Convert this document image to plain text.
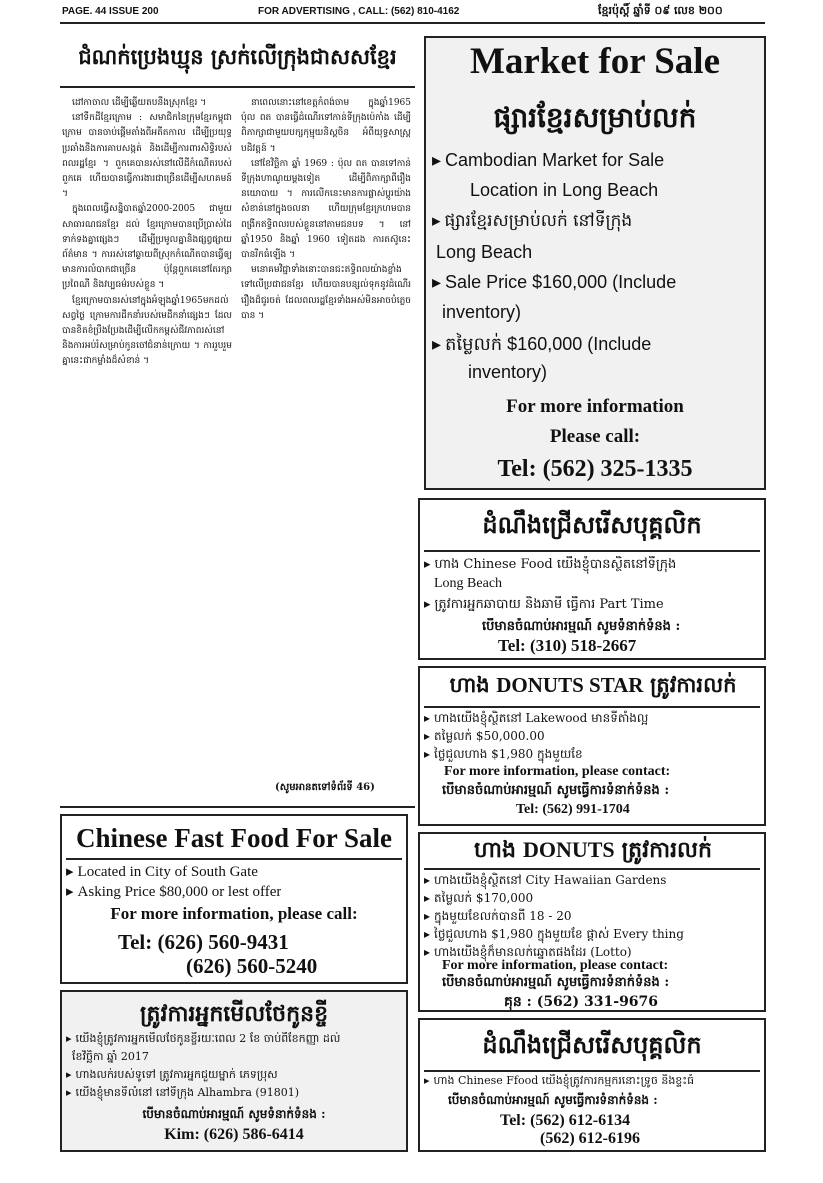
PAGE. 44 ISSUE 200	FOR ADVERTISING , CALL: (562) 810-4162	ខ្មែរប៉ុស្ដិ៍ ឆ្នាំទី ០៩ លេខ ២០០
ជំណក់ប្រេងឃ្មុន ស្រក់លើក្រុងជាសសខ្មែរ

ដៅកាចាល ដើម្បីឆ្លើយតបនឹងស្រុកខ្មែរ ។

នៅទឹកដីខ្មែរក្រោម : សមាជិកនៃក្រុមខ្មែរកម្ពុជាក្រោម បានចាប់ផ្ដើមតាំងពីអតីតកាល ដើម្បីប្រយុទ្ធប្រឆាំងនឹងការគាបសង្កត់ និងដើម្បីការពារសិទ្ធិរបស់ពលរដ្ឋខ្មែរ ។ ពួកគេបានរស់នៅលើដីកំណើតរបស់ពួកគេ ហើយបានធ្វើការងារជាច្រើនដើម្បីសហគមន៍ ។

ក្នុងពេលធ្វើសន្និបាតឆ្នាំ2000-2005 ជាមួយសាធារណជនខ្មែរ ដល់ ខ្មែរក្រោមបានប្រើប្រាស់ដៃទាក់ទងគ្នាផ្សេងៗ ដើម្បីប្រមូលគ្នានិងផ្សព្វផ្សាយព័ត៌មាន ។ ការរស់នៅឆ្ងាយពីស្រុកកំណើតបានធ្វើឲ្យមានការលំបាកជាច្រើន ប៉ុន្តែពួកគេនៅតែរក្សាប្រពៃណី និងវប្បធម៌របស់ខ្លួន ។

ខ្មែរក្រោមបានរស់នៅក្នុងអំឡុងឆ្នាំ1965មកដល់សព្វថ្ងៃ ក្រោមការដឹកនាំរបស់មេដឹកនាំផ្សេងៗ ដែលបានខិតខំប្រឹងប្រែងដើម្បីលើកកម្ពស់ជីវភាពរស់នៅ និងការអប់រំសម្រាប់កូនចៅជំនាន់ក្រោយ ។ ការរួបរួមគ្នានេះជាកម្លាំងដ៏សំខាន់ ។

នាពេលនោះនៅខេត្តកំពង់ចាម ក្នុងឆ្នាំ1965 ប៉ុល ពត បានធ្វើដំណើរទៅកាន់ទីក្រុងប៉េកាំង ដើម្បីពិភាក្សាជាមួយបក្សកុម្មុយនិស្តចិន អំពីយុទ្ធសាស្ត្របដិវត្តន៍ ។

នៅខែវិច្ឆិកា ឆ្នាំ 1969 : ប៉ុល ពត បានទៅកាន់ទីក្រុងហាណូយម្ដងទៀត ដើម្បីពិភាក្សាពីរឿងនយោបាយ ។ ការលើកនេះមានការផ្លាស់ប្ដូរយ៉ាងសំខាន់នៅក្នុងចលនា ហើយក្រុមខ្មែរក្រហមបានពង្រីកឥទ្ធិពលរបស់ខ្លួននៅតាមជនបទ ។ នៅឆ្នាំ1950 និងឆ្នាំ 1960 ទៀតដង ការតស៊ូនេះបានរីកធំឡើង ។

មនោគមវិជ្ជាទាំងនោះបានជះឥទ្ធិពលយ៉ាងខ្លាំងទៅលើប្រជាជនខ្មែរ ហើយបានបន្សល់ទុកនូវដំណើររឿងដ៏ជូរចត់ ដែលពលរដ្ឋខ្មែរទាំងអស់មិនអាចបំភ្លេចបាន ។

(សូមអានតទៅទំព័រទី 46)
Market for Sale
ផ្សារខ្មែរសម្រាប់លក់
▸ Cambodian Market for Sale
Location in Long Beach
▸ ផ្សារខ្មែរសម្រាប់លក់ នៅទីក្រុង
Long Beach
▸ Sale Price $160,000 (Include
inventory)
▸ តម្លៃលក់ $160,000 (Include
inventory)
For more information
Please call:
Tel: (562) 325-1335
ដំណឹងជ្រើសរើសបុគ្គលិក
▸ ហាង Chinese Food យើងខ្ញុំបានស្ថិតនៅទីក្រុង
Long Beach
▸ ត្រូវការអ្នកឆាបាយ និងឆាមី ធ្វើការ Part Time
បើមានចំណាប់អារម្មណ៍ សូមទំនាក់ទំនង :
Tel: (310) 518-2667
ហាង DONUTS STAR ត្រូវការលក់
▸ ហាងយើងខ្ញុំស្ថិតនៅ Lakewood មានទីតាំងល្អ
▸ តម្លៃលក់ $50,000.00
▸ ថ្លៃជួលហាង $1,980 ក្នុងមួយខែ
For more information, please contact:
បើមានចំណាប់អារម្មណ៍ សូមធ្វើការទំនាក់ទំនង :
Tel: (562) 991-1704
ហាង DONUTS ត្រូវការលក់
▸ ហាងយើងខ្ញុំស្ថិតនៅ City Hawaiian Gardens
▸ តម្លៃលក់ $170,000
▸ ក្នុងមួយខែលក់បានពី 18 - 20
▸ ថ្លៃជួលហាង $1,980 ក្នុងមួយខែ ផ្ដាស់ Every thing
▸ ហាងយើងខ្ញុំក៏មានលក់ឆ្នោតផងដែរ (Lotto)
For more information, please contact:
បើមានចំណាប់អារម្មណ៍ សូមធ្វើការទំនាក់ទំនង :
គុន : (562) 331-9676
Chinese Fast Food For Sale
▸ Located in City of South Gate
▸ Asking Price $80,000 or lest offer
For more information, please call:
Tel: (626) 560-9431
(626) 560-5240
ត្រូវការអ្នកមើលថែកូនខ្ចី
▸ យើងខ្ញុំត្រូវការអ្នកមើលថែកូនខ្ចីរយៈពេល 2 ខែ ចាប់ពីខែកញ្ញា ដល់
ខែវិច្ឆិកា ឆ្នាំ 2017
▸ ហាងលក់របស់ទូទៅ ត្រូវការអ្នកជួយម្នាក់ ភេទប្រុស
▸ យើងខ្ញុំមានទីលំនៅ នៅទីក្រុង Alhambra (91801)
បើមានចំណាប់អារម្មណ៍ សូមទំនាក់ទំនង :
Kim: (626) 586-6414
ដំណឹងជ្រើសរើសបុគ្គលិក
▸ ហាង Chinese Ffood យើងខ្ញុំត្រូវការកម្មករនោះទ្រូច និងខ្ទះធំ
បើមានចំណាប់អារម្មណ៍ សូមធ្វើការទំនាក់ទំនង :
Tel: (562) 612-6134
(562) 612-6196
